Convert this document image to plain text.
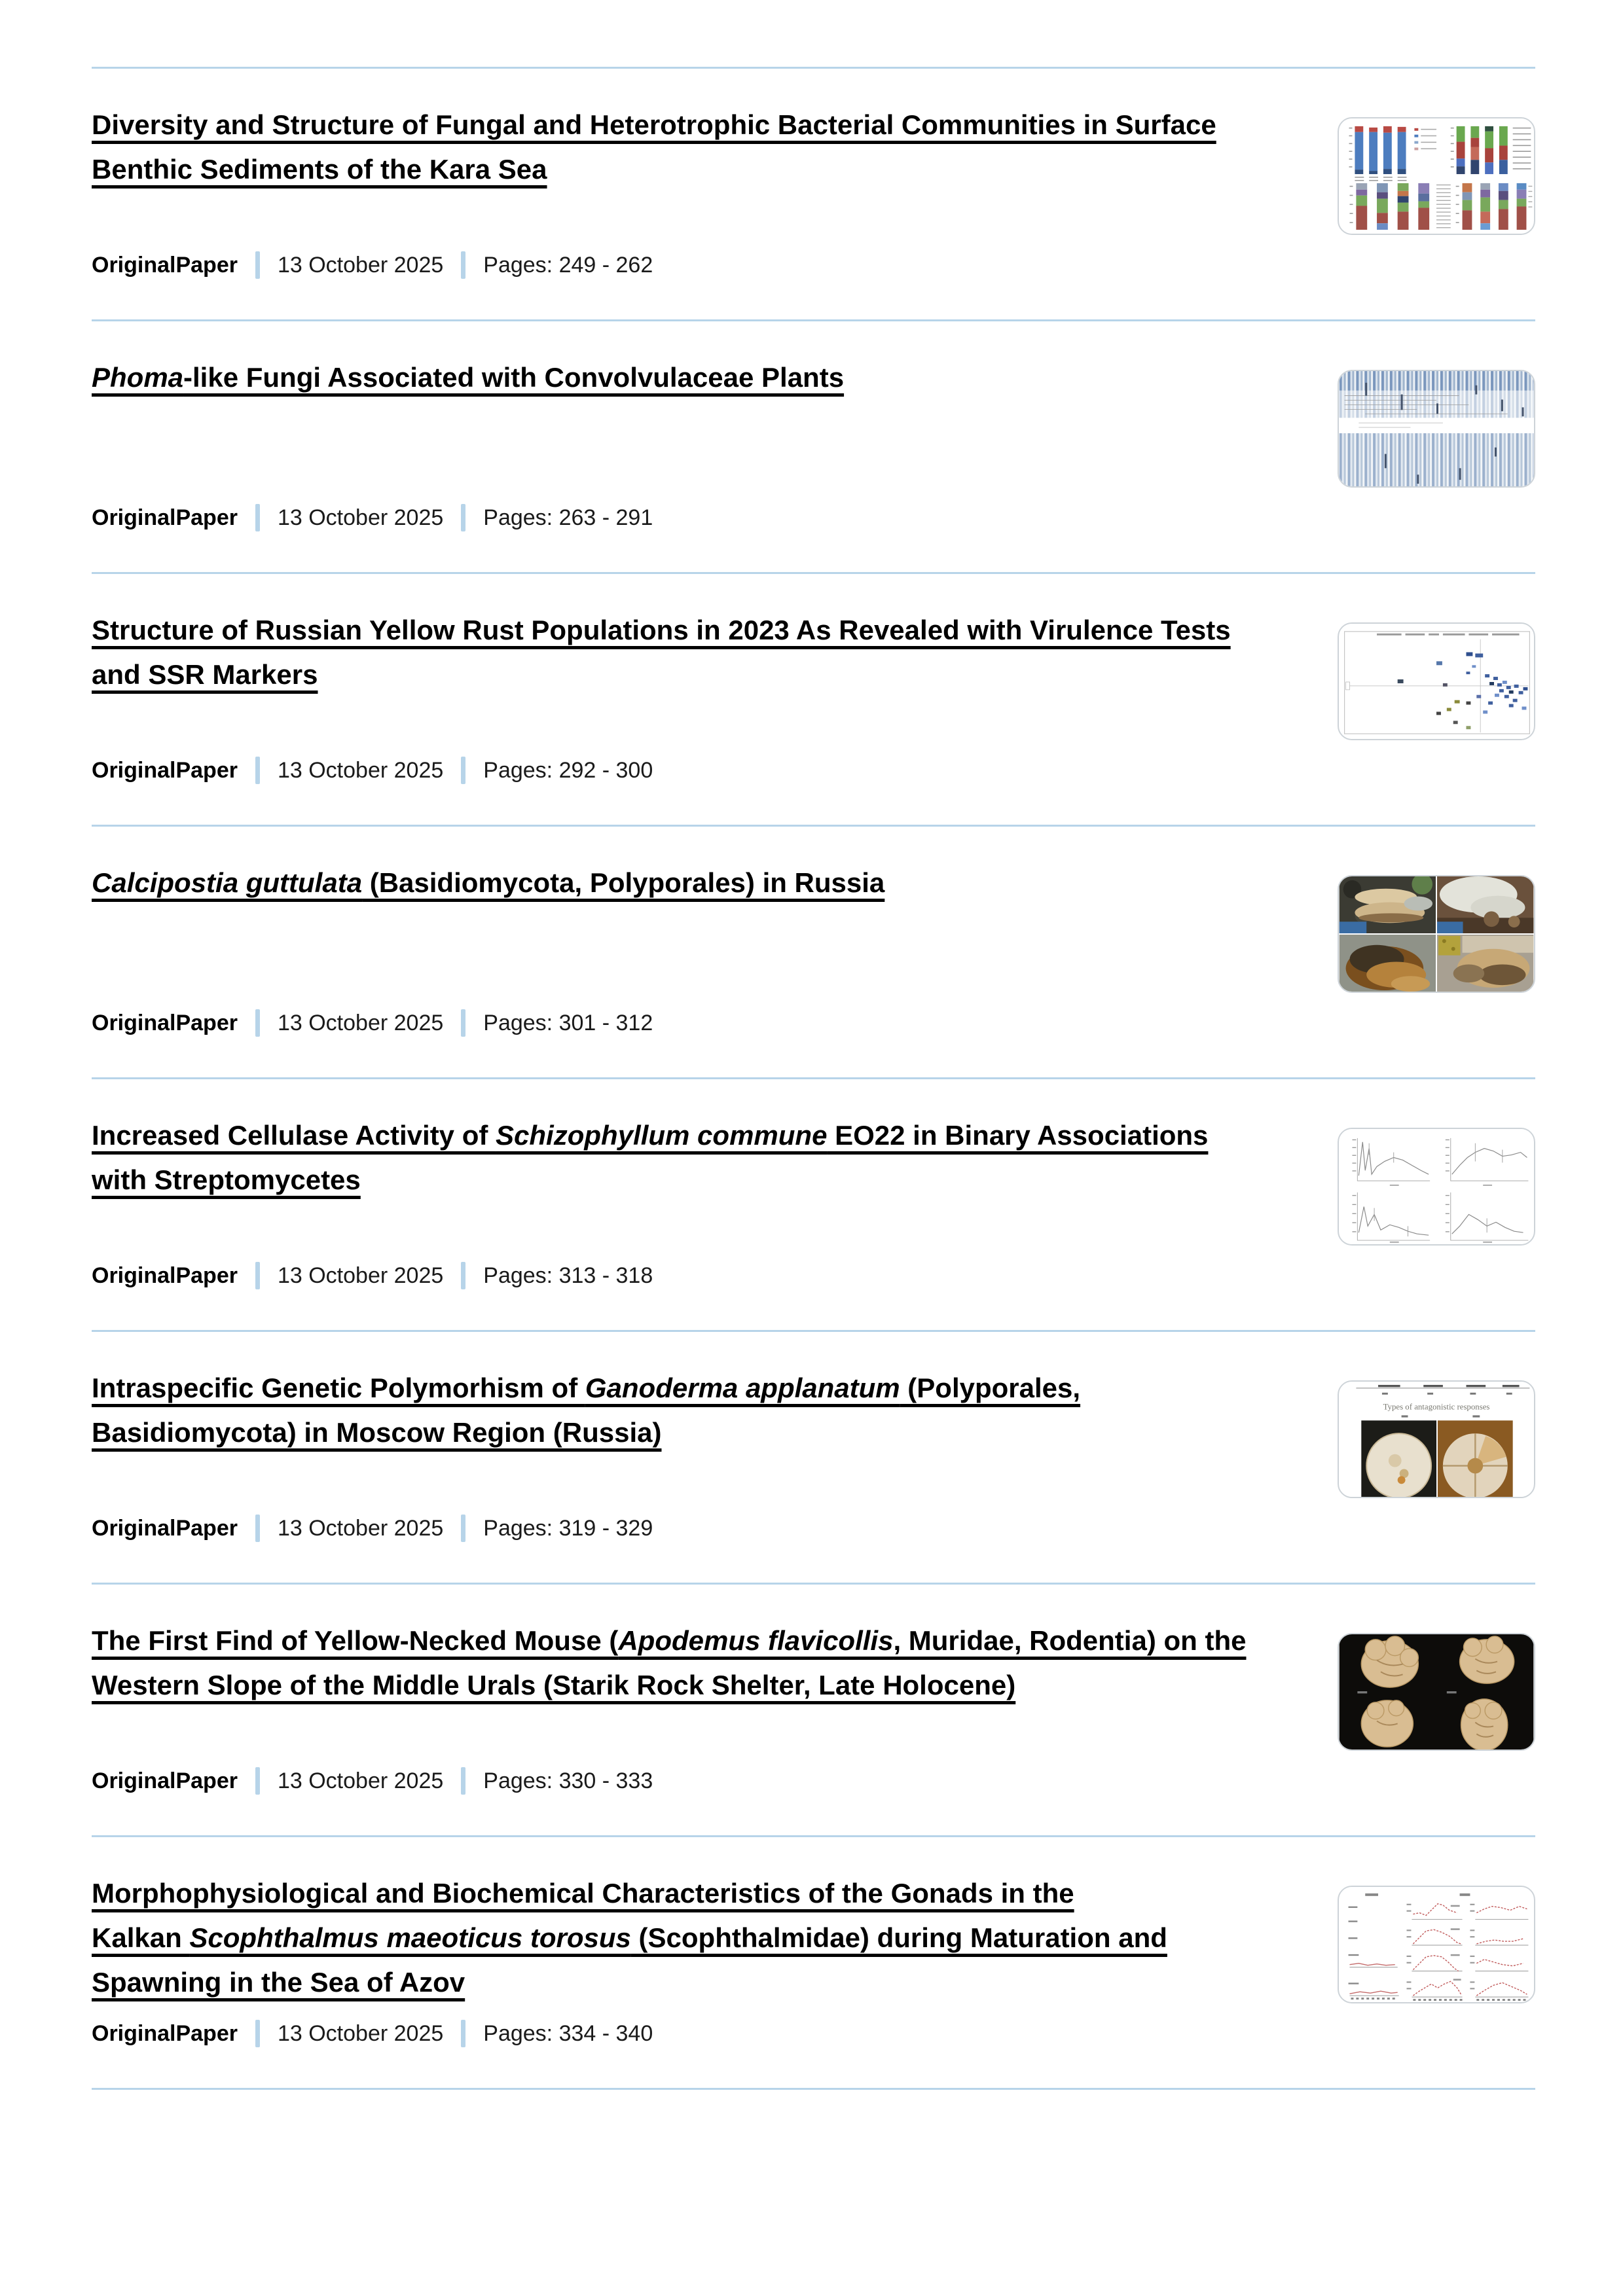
Diversity and Structure of Fungal and Heterotrophic Bacterial Communities in Surface
Benthic Sediments of the Kara Sea
OriginalPaper 13 October 2025 Pages: 249 - 262
Phoma-like Fungi Associated with Convolvulaceae Plants
OriginalPaper 13 October 2025 Pages: 263 - 291
Structure of Russian Yellow Rust Populations in 2023 As Revealed with Virulence Tests
and SSR Markers
OriginalPaper 13 October 2025 Pages: 292 - 300
Calcipostia guttulata (Basidiomycota, Polyporales) in Russia
OriginalPaper 13 October 2025 Pages: 301 - 312
Increased Cellulase Activity of Schizophyllum commune EO22 in Binary Associations
with Streptomycetes
OriginalPaper 13 October 2025 Pages: 313 - 318
Intraspecific Genetic Polymorhism of Ganoderma applanatum (Polyporales,
Basidiomycota) in Moscow Region (Russia)
OriginalPaper 13 October 2025 Pages: 319 - 329
Types of antagonistic responses
The First Find of Yellow-Necked Mouse (Apodemus flavicollis, Muridae, Rodentia) on the
Western Slope of the Middle Urals (Starik Rock Shelter, Late Holocene)
OriginalPaper 13 October 2025 Pages: 330 - 333
Morphophysiological and Biochemical Characteristics of the Gonads in the
Kalkan Scophthalmus maeoticus torosus (Scophthalmidae) during Maturation and
Spawning in the Sea of Azov
OriginalPaper 13 October 2025 Pages: 334 - 340
